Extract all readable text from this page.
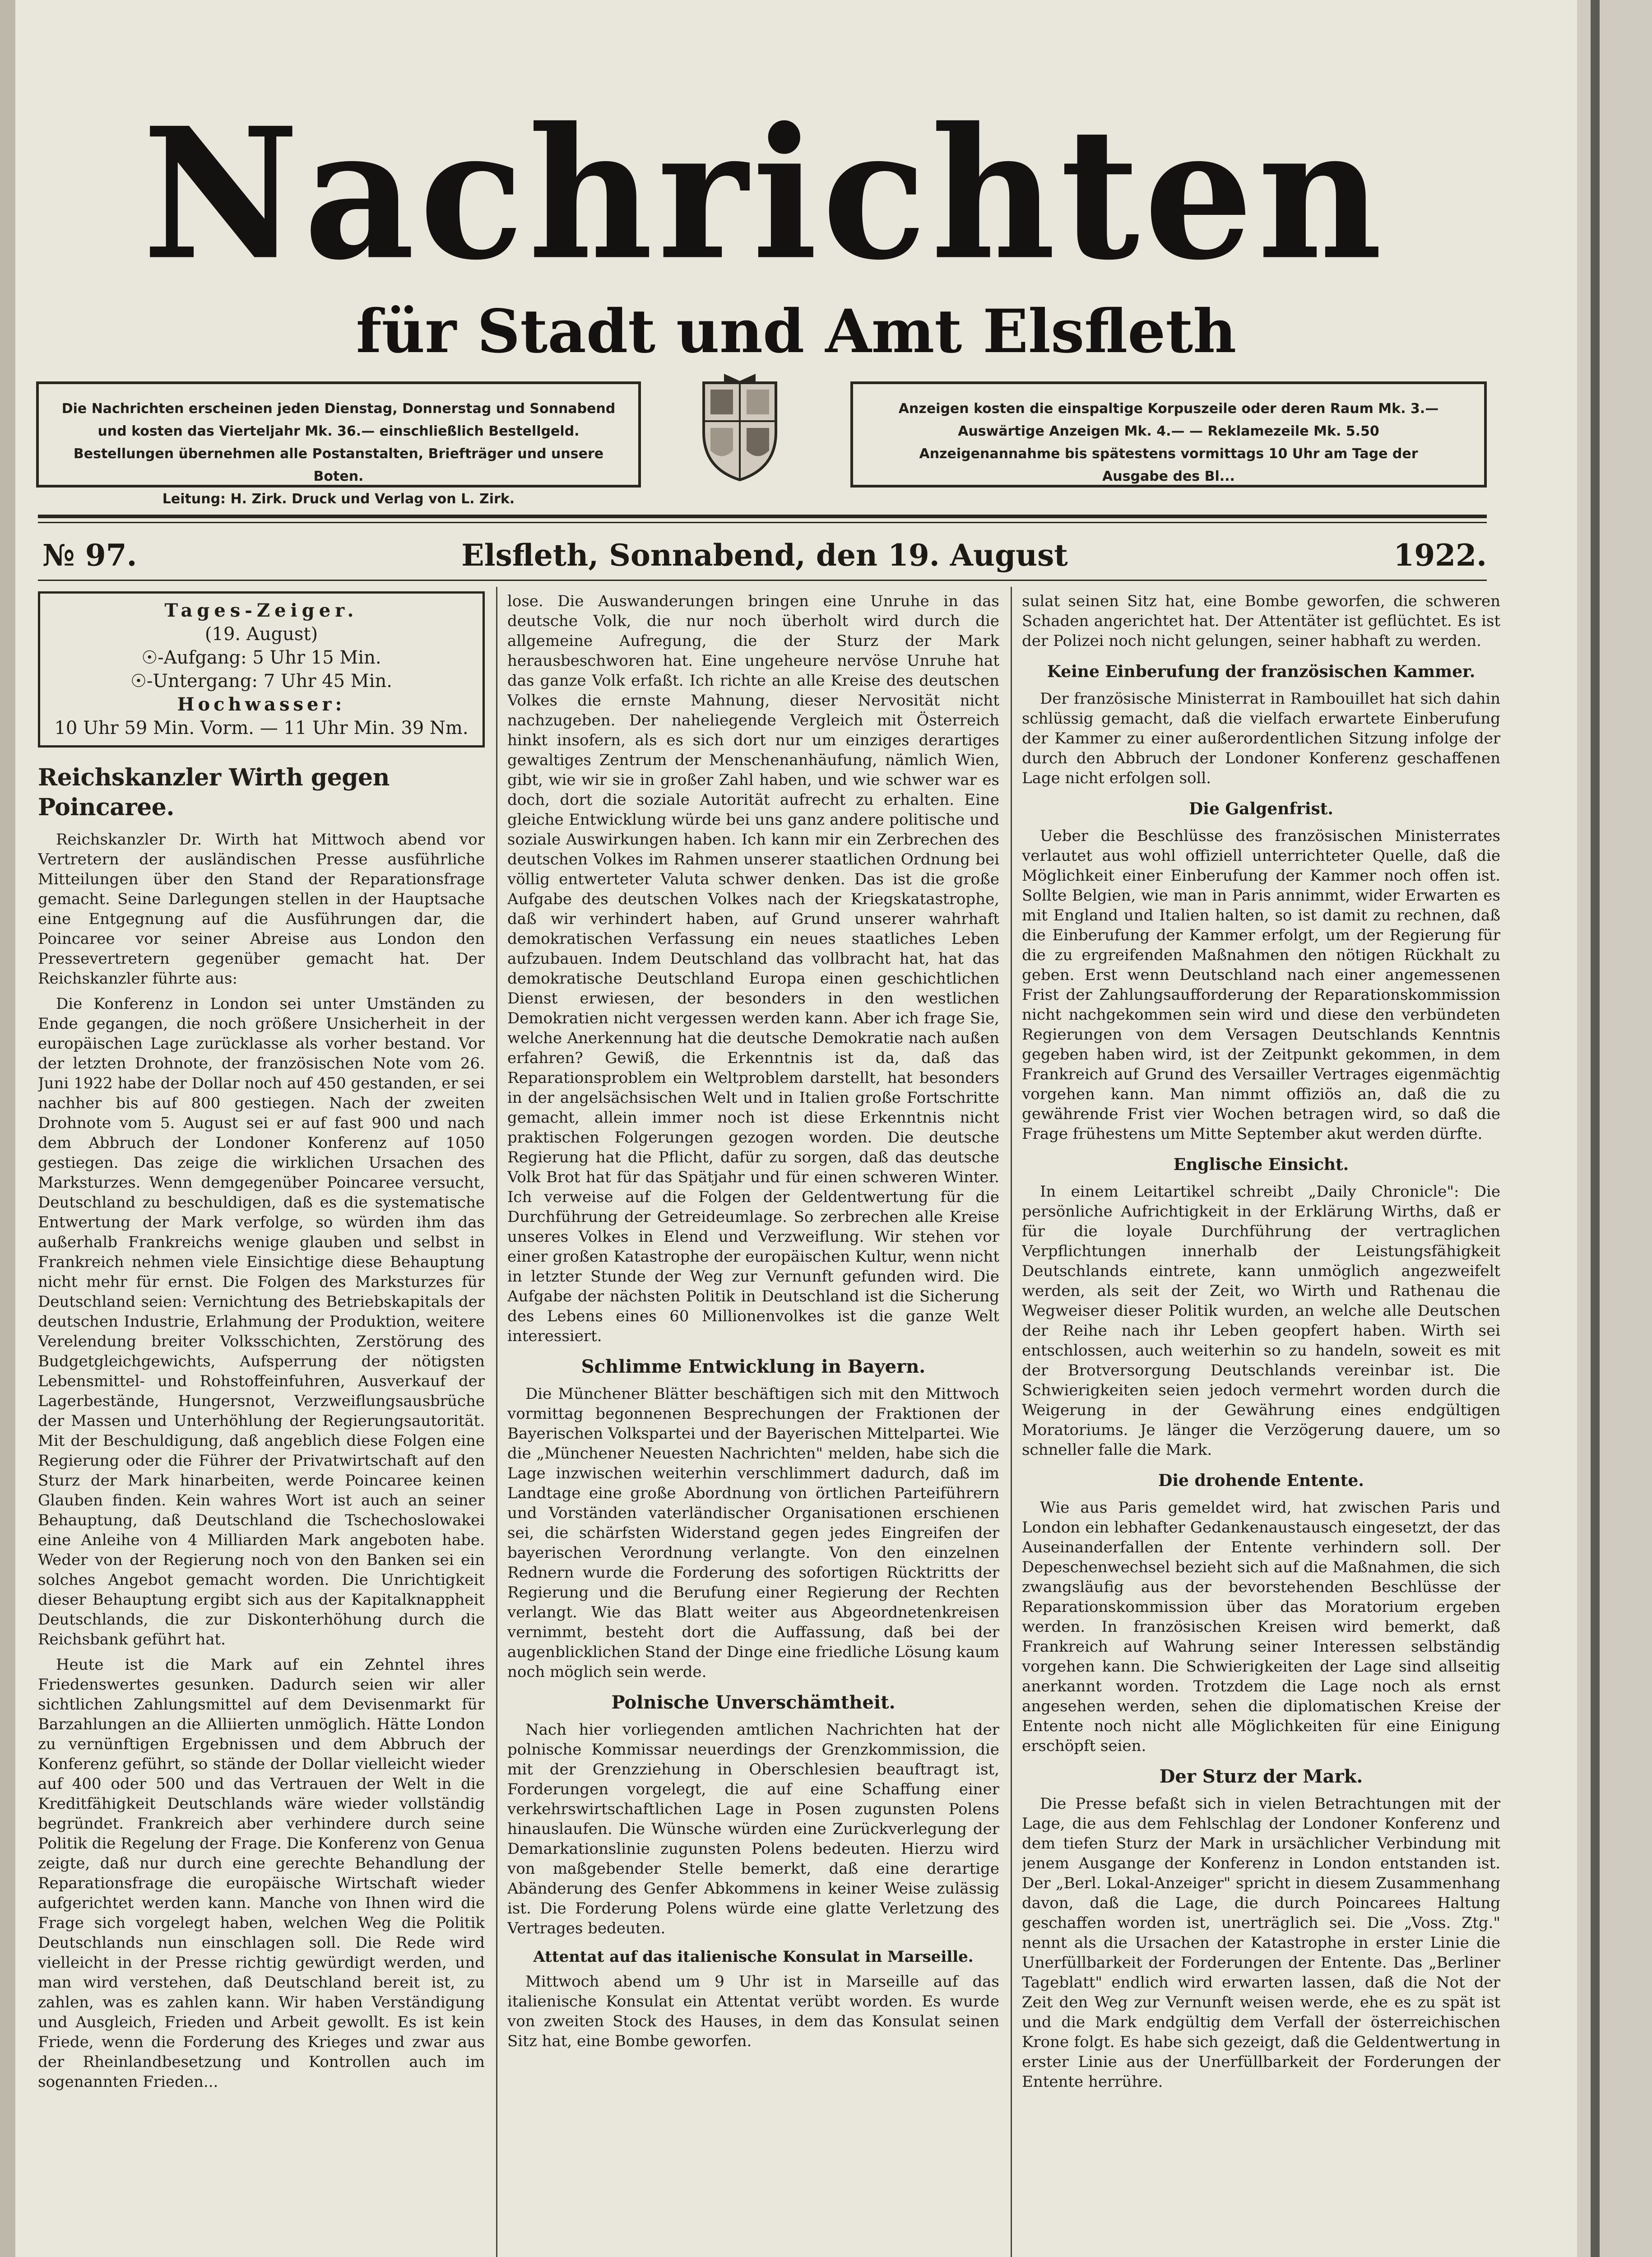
Nachrichten
für Stadt und Amt Elsfleth
Die Nachrichten erscheinen jeden Dienstag, Donnerstag und Sonnabend
und kosten das Vierteljahr Mk. 36.— einschließlich Bestellgeld.
Bestellungen übernehmen alle Postanstalten, Briefträger und unsere Boten.
Leitung: H. Zirk. Druck und Verlag von L. Zirk.
Anzeigen kosten die einspaltige Korpuszeile oder deren Raum Mk. 3.—
Auswärtige Anzeigen Mk. 4.— — Reklamezeile Mk. 5.50
Anzeigenannahme bis spätestens vormittags 10 Uhr am Tage der
Ausgabe des Bl...
Elsfleth, Sonnabend, den 19. August
№ 97.	1922.
Tages-Zeiger.
(19. August)
☉-Aufgang: 5 Uhr 15 Min.
☉-Untergang: 7 Uhr 45 Min.
Hochwasser:
10 Uhr 59 Min. Vorm. — 11 Uhr Min. 39 Nm.
Reichskanzler Wirth gegen Poincaree.

Reichskanzler Dr. Wirth hat Mittwoch abend vor Vertretern der ausländischen Presse ausführliche Mitteilungen über den Stand der Reparationsfrage gemacht. Seine Darlegungen stellen in der Hauptsache eine Entgegnung auf die Ausführungen dar, die Poincaree vor seiner Abreise aus London den Pressevertretern gegenüber gemacht hat. Der Reichskanzler führte aus:

Die Konferenz in London sei unter Umständen zu Ende gegangen, die noch größere Unsicherheit in der europäischen Lage zurücklasse als vorher bestand. Vor der letzten Drohnote, der französischen Note vom 26. Juni 1922 habe der Dollar noch auf 450 gestanden, er sei nachher bis auf 800 gestiegen. Nach der zweiten Drohnote vom 5. August sei er auf fast 900 und nach dem Abbruch der Londoner Konferenz auf 1050 gestiegen. Das zeige die wirklichen Ursachen des Marksturzes. Wenn demgegenüber Poincaree versucht, Deutschland zu beschuldigen, daß es die systematische Entwertung der Mark verfolge, so würden ihm das außerhalb Frankreichs wenige glauben und selbst in Frankreich nehmen viele Einsichtige diese Behauptung nicht mehr für ernst. Die Folgen des Marksturzes für Deutschland seien: Vernichtung des Betriebskapitals der deutschen Industrie, Erlahmung der Produktion, weitere Verelendung breiter Volksschichten, Zerstörung des Budgetgleichgewichts, Aufsperrung der nötigsten Lebensmittel- und Rohstoffeinfuhren, Ausverkauf der Lagerbestände, Hungersnot, Verzweiflungsausbrüche der Massen und Unterhöhlung der Regierungsautorität. Mit der Beschuldigung, daß angeblich diese Folgen eine Regierung oder die Führer der Privatwirtschaft auf den Sturz der Mark hinarbeiten, werde Poincaree keinen Glauben finden. Kein wahres Wort ist auch an seiner Behauptung, daß Deutschland die Tschechoslowakei eine Anleihe von 4 Milliarden Mark angeboten habe. Weder von der Regierung noch von den Banken sei ein solches Angebot gemacht worden. Die Unrichtigkeit dieser Behauptung ergibt sich aus der Kapitalknappheit Deutschlands, die zur Diskonterhöhung durch die Reichsbank geführt hat.

Heute ist die Mark auf ein Zehntel ihres Friedenswertes gesunken. Dadurch seien wir aller sichtlichen Zahlungsmittel auf dem Devisenmarkt für Barzahlungen an die Alliierten unmöglich. Hätte London zu vernünftigen Ergebnissen und dem Abbruch der Konferenz geführt, so stände der Dollar vielleicht wieder auf 400 oder 500 und das Vertrauen der Welt in die Kreditfähigkeit Deutschlands wäre wieder vollständig begründet. Frankreich aber verhindere durch seine Politik die Regelung der Frage. Die Konferenz von Genua zeigte, daß nur durch eine gerechte Behandlung der Reparationsfrage die europäische Wirtschaft wieder aufgerichtet werden kann. Manche von Ihnen wird die Frage sich vorgelegt haben, welchen Weg die Politik Deutschlands nun einschlagen soll. Die Rede wird vielleicht in der Presse richtig gewürdigt werden, und man wird verstehen, daß Deutschland bereit ist, zu zahlen, was es zahlen kann. Wir haben Verständigung und Ausgleich, Frieden und Arbeit gewollt. Es ist kein Friede, wenn die Forderung des Krieges und zwar aus der Rheinlandbesetzung und Kontrollen auch im sogenannten Frieden...

lose. Die Auswanderungen bringen eine Unruhe in das deutsche Volk, die nur noch überholt wird durch die allgemeine Aufregung, die der Sturz der Mark herausbeschworen hat. Eine ungeheure nervöse Unruhe hat das ganze Volk erfaßt. Ich richte an alle Kreise des deutschen Volkes die ernste Mahnung, dieser Nervosität nicht nachzugeben. Der naheliegende Vergleich mit Österreich hinkt insofern, als es sich dort nur um einziges derartiges gewaltiges Zentrum der Menschenanhäufung, nämlich Wien, gibt, wie wir sie in großer Zahl haben, und wie schwer war es doch, dort die soziale Autorität aufrecht zu erhalten. Eine gleiche Entwicklung würde bei uns ganz andere politische und soziale Auswirkungen haben. Ich kann mir ein Zerbrechen des deutschen Volkes im Rahmen unserer staatlichen Ordnung bei völlig entwerteter Valuta schwer denken. Das ist die große Aufgabe des deutschen Volkes nach der Kriegskatastrophe, daß wir verhindert haben, auf Grund unserer wahrhaft demokratischen Verfassung ein neues staatliches Leben aufzubauen. Indem Deutschland das vollbracht hat, hat das demokratische Deutschland Europa einen geschichtlichen Dienst erwiesen, der besonders in den westlichen Demokratien nicht vergessen werden kann. Aber ich frage Sie, welche Anerkennung hat die deutsche Demokratie nach außen erfahren? Gewiß, die Erkenntnis ist da, daß das Reparationsproblem ein Weltproblem darstellt, hat besonders in der angelsächsischen Welt und in Italien große Fortschritte gemacht, allein immer noch ist diese Erkenntnis nicht praktischen Folgerungen gezogen worden. Die deutsche Regierung hat die Pflicht, dafür zu sorgen, daß das deutsche Volk Brot hat für das Spätjahr und für einen schweren Winter. Ich verweise auf die Folgen der Geldentwertung für die Durchführung der Getreideumlage. So zerbrechen alle Kreise unseres Volkes in Elend und Verzweiflung. Wir stehen vor einer großen Katastrophe der europäischen Kultur, wenn nicht in letzter Stunde der Weg zur Vernunft gefunden wird. Die Aufgabe der nächsten Politik in Deutschland ist die Sicherung des Lebens eines 60 Millionenvolkes ist die ganze Welt interessiert.

Schlimme Entwicklung in Bayern.

Die Münchener Blätter beschäftigen sich mit den Mittwoch vormittag begonnenen Besprechungen der Fraktionen der Bayerischen Volkspartei und der Bayerischen Mittelpartei. Wie die „Münchener Neuesten Nachrichten" melden, habe sich die Lage inzwischen weiterhin verschlimmert dadurch, daß im Landtage eine große Abordnung von örtlichen Parteiführern und Vorständen vaterländischer Organisationen erschienen sei, die schärfsten Widerstand gegen jedes Eingreifen der bayerischen Verordnung verlangte. Von den einzelnen Rednern wurde die Forderung des sofortigen Rücktritts der Regierung und die Berufung einer Regierung der Rechten verlangt. Wie das Blatt weiter aus Abgeordnetenkreisen vernimmt, besteht dort die Auffassung, daß bei der augenblicklichen Stand der Dinge eine friedliche Lösung kaum noch möglich sein werde.

Polnische Unverschämtheit.

Nach hier vorliegenden amtlichen Nachrichten hat der polnische Kommissar neuerdings der Grenzkommission, die mit der Grenzziehung in Oberschlesien beauftragt ist, Forderungen vorgelegt, die auf eine Schaffung einer verkehrswirtschaftlichen Lage in Posen zugunsten Polens hinauslaufen. Die Wünsche würden eine Zurückverlegung der Demarkationslinie zugunsten Polens bedeuten. Hierzu wird von maßgebender Stelle bemerkt, daß eine derartige Abänderung des Genfer Abkommens in keiner Weise zulässig ist. Die Forderung Polens würde eine glatte Verletzung des Vertrages bedeuten.

Attentat auf das italienische Konsulat in Marseille.

Mittwoch abend um 9 Uhr ist in Marseille auf das italienische Konsulat ein Attentat verübt worden. Es wurde von zweiten Stock des Hauses, in dem das Konsulat seinen Sitz hat, eine Bombe geworfen.

sulat seinen Sitz hat, eine Bombe geworfen, die schweren Schaden angerichtet hat. Der Attentäter ist geflüchtet. Es ist der Polizei noch nicht gelungen, seiner habhaft zu werden.

Keine Einberufung der französischen Kammer.

Der französische Ministerrat in Rambouillet hat sich dahin schlüssig gemacht, daß die vielfach erwartete Einberufung der Kammer zu einer außerordentlichen Sitzung infolge der durch den Abbruch der Londoner Konferenz geschaffenen Lage nicht erfolgen soll.

Die Galgenfrist.

Ueber die Beschlüsse des französischen Ministerrates verlautet aus wohl offiziell unterrichteter Quelle, daß die Möglichkeit einer Einberufung der Kammer noch offen ist. Sollte Belgien, wie man in Paris annimmt, wider Erwarten es mit England und Italien halten, so ist damit zu rechnen, daß die Einberufung der Kammer erfolgt, um der Regierung für die zu ergreifenden Maßnahmen den nötigen Rückhalt zu geben. Erst wenn Deutschland nach einer angemessenen Frist der Zahlungsaufforderung der Reparationskommission nicht nachgekommen sein wird und diese den verbündeten Regierungen von dem Versagen Deutschlands Kenntnis gegeben haben wird, ist der Zeitpunkt gekommen, in dem Frankreich auf Grund des Versailler Vertrages eigenmächtig vorgehen kann. Man nimmt offiziös an, daß die zu gewährende Frist vier Wochen betragen wird, so daß die Frage frühestens um Mitte September akut werden dürfte.

Englische Einsicht.

In einem Leitartikel schreibt „Daily Chronicle": Die persönliche Aufrichtigkeit in der Erklärung Wirths, daß er für die loyale Durchführung der vertraglichen Verpflichtungen innerhalb der Leistungsfähigkeit Deutschlands eintrete, kann unmöglich angezweifelt werden, als seit der Zeit, wo Wirth und Rathenau die Wegweiser dieser Politik wurden, an welche alle Deutschen der Reihe nach ihr Leben geopfert haben. Wirth sei entschlossen, auch weiterhin so zu handeln, soweit es mit der Brotversorgung Deutschlands vereinbar ist. Die Schwierigkeiten seien jedoch vermehrt worden durch die Weigerung in der Gewährung eines endgültigen Moratoriums. Je länger die Verzögerung dauere, um so schneller falle die Mark.

Die drohende Entente.

Wie aus Paris gemeldet wird, hat zwischen Paris und London ein lebhafter Gedankenaustausch eingesetzt, der das Auseinanderfallen der Entente verhindern soll. Der Depeschenwechsel bezieht sich auf die Maßnahmen, die sich zwangsläufig aus der bevorstehenden Beschlüsse der Reparationskommission über das Moratorium ergeben werden. In französischen Kreisen wird bemerkt, daß Frankreich auf Wahrung seiner Interessen selbständig vorgehen kann. Die Schwierigkeiten der Lage sind allseitig anerkannt worden. Trotzdem die Lage noch als ernst angesehen werden, sehen die diplomatischen Kreise der Entente noch nicht alle Möglichkeiten für eine Einigung erschöpft seien.

Der Sturz der Mark.

Die Presse befaßt sich in vielen Betrachtungen mit der Lage, die aus dem Fehlschlag der Londoner Konferenz und dem tiefen Sturz der Mark in ursächlicher Verbindung mit jenem Ausgange der Konferenz in London entstanden ist. Der „Berl. Lokal-Anzeiger" spricht in diesem Zusammenhang davon, daß die Lage, die durch Poincarees Haltung geschaffen worden ist, unerträglich sei. Die „Voss. Ztg." nennt als die Ursachen der Katastrophe in erster Linie die Unerfüllbarkeit der Forderungen der Entente. Das „Berliner Tageblatt" endlich wird erwarten lassen, daß die Not der Zeit den Weg zur Vernunft weisen werde, ehe es zu spät ist und die Mark endgültig dem Verfall der österreichischen Krone folgt. Es habe sich gezeigt, daß die Geldentwertung in erster Linie aus der Unerfüllbarkeit der Forderungen der Entente herrühre.
